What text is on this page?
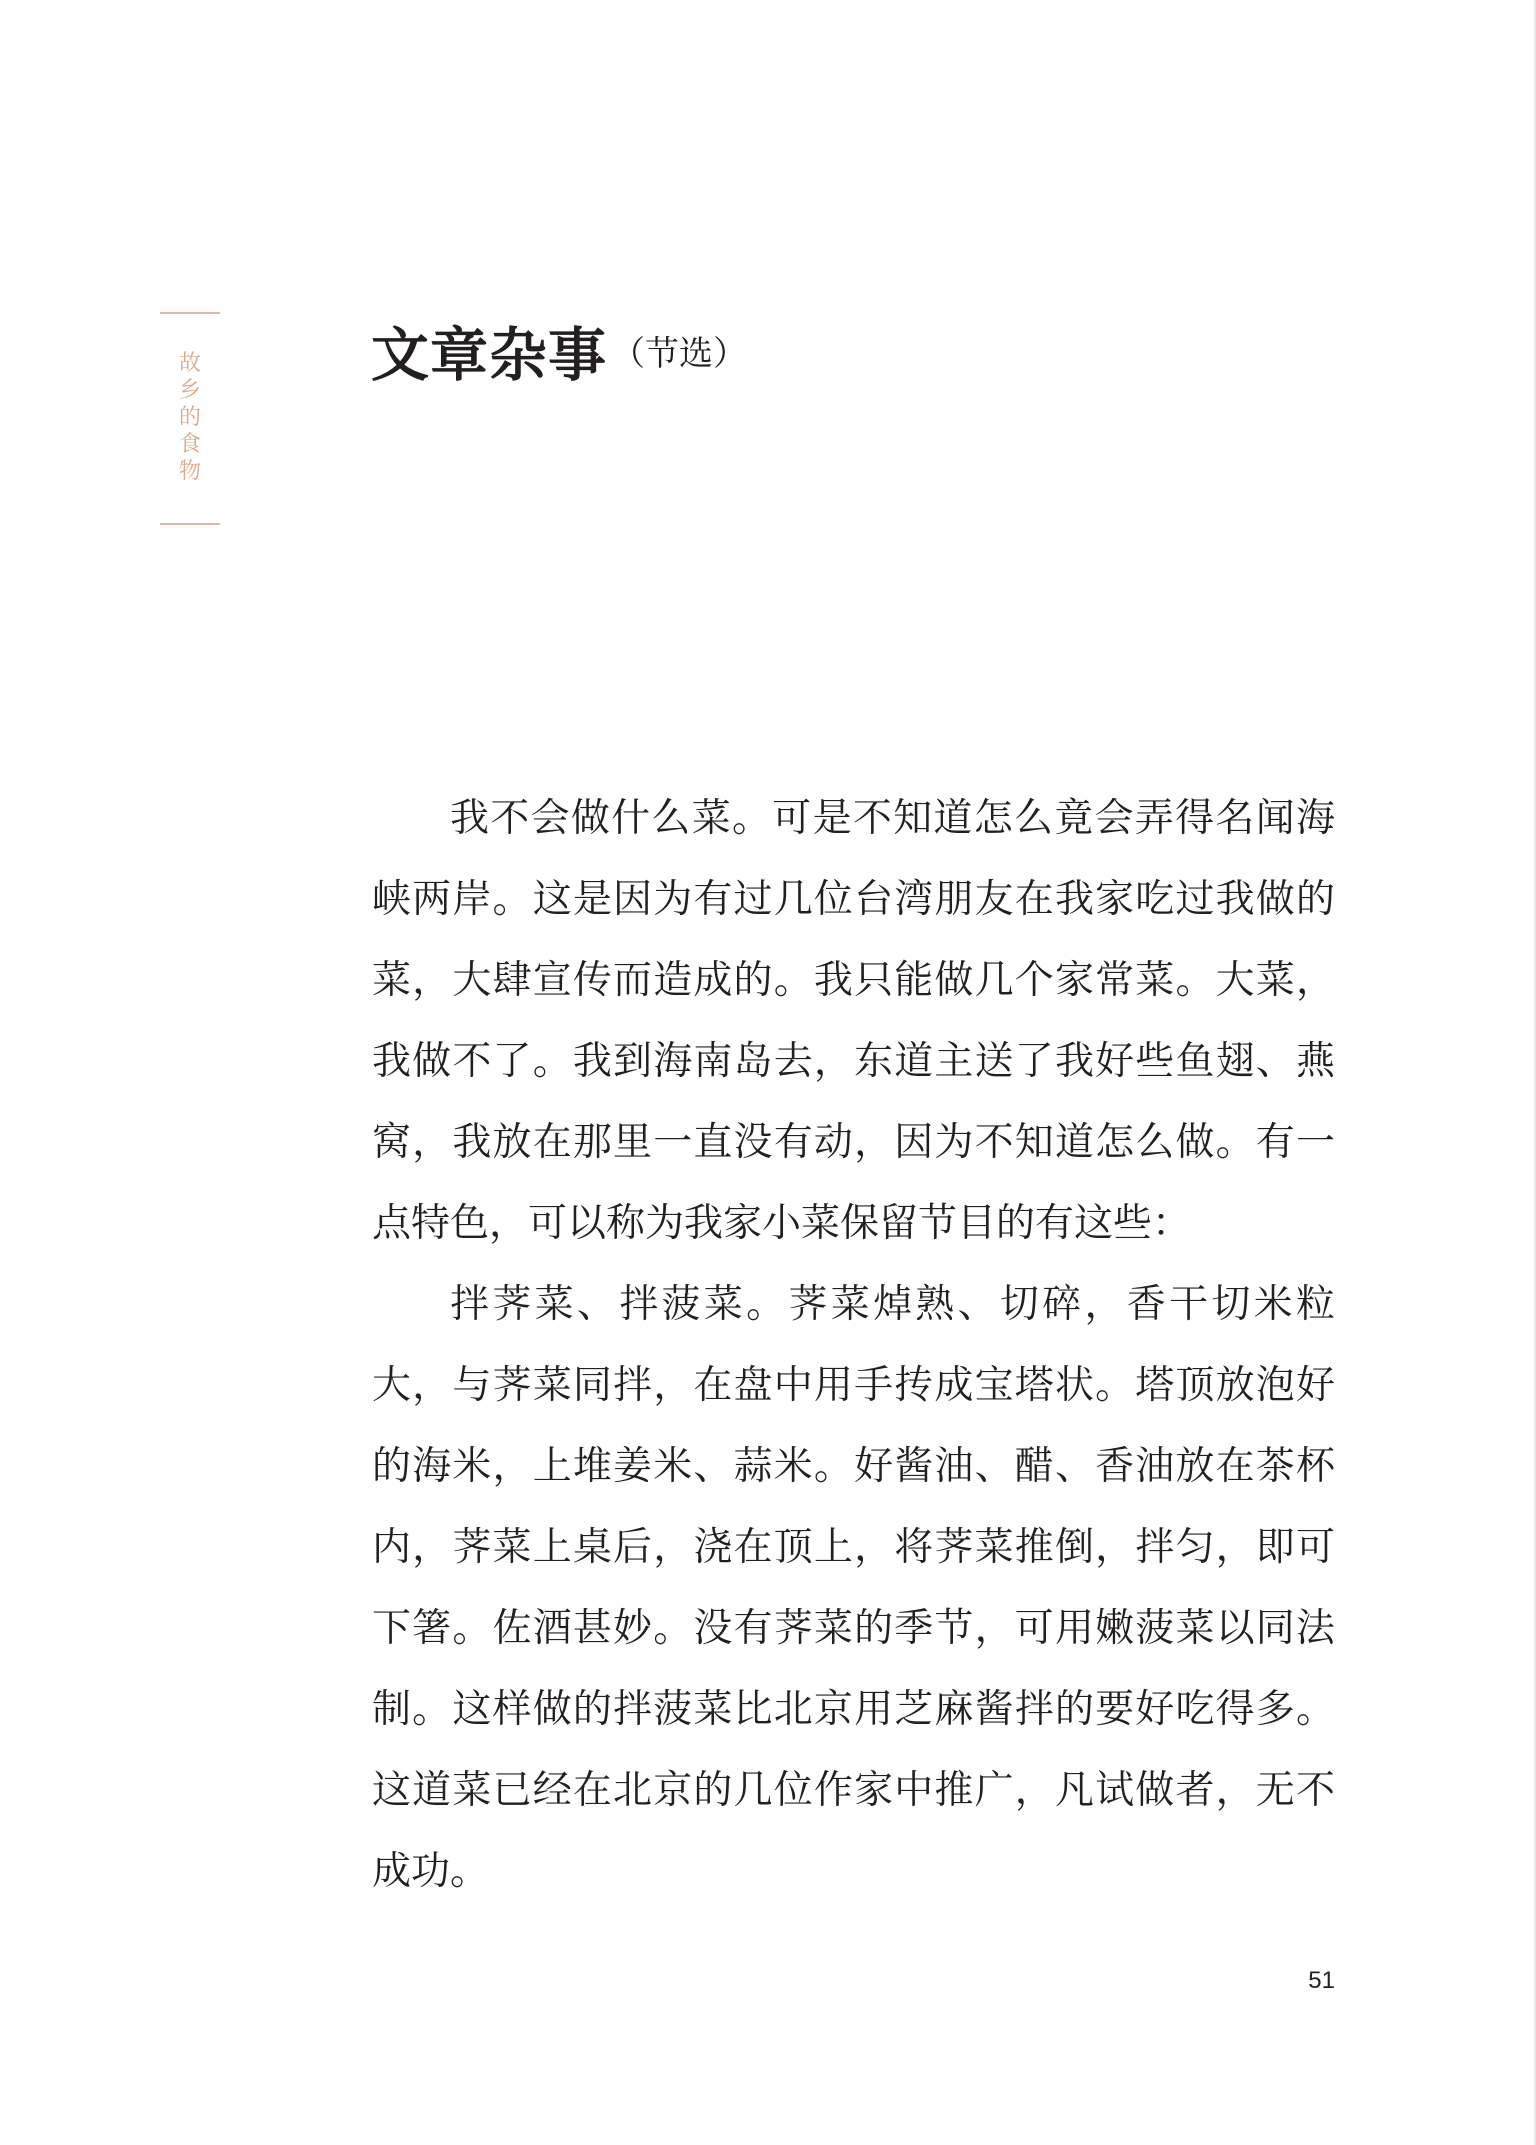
故
乡
的
食
物
文章杂事 （节选）

我不会做什么菜。可是不知道怎么竟会弄得名闻海峡两岸。这是因为有过几位台湾朋友在我家吃过我做的菜，大肆宣传而造成的。我只能做几个家常菜。大菜，我做不了。我到海南岛去，东道主送了我好些鱼翅、燕窝，我放在那里一直没有动，因为不知道怎么做。有一点特色，可以称为我家小菜保留节目的有这些：

拌荠菜、拌菠菜。荠菜焯熟、切碎，香干切米粒大，与荠菜同拌，在盘中用手抟成宝塔状。塔顶放泡好的海米，上堆姜米、蒜米。好酱油、醋、香油放在茶杯内，荠菜上桌后，浇在顶上，将荠菜推倒，拌匀，即可下箸。佐酒甚妙。没有荠菜的季节，可用嫩菠菜以同法制。这样做的拌菠菜比北京用芝麻酱拌的要好吃得多。这道菜已经在北京的几位作家中推广，凡试做者，无不成功。

51
